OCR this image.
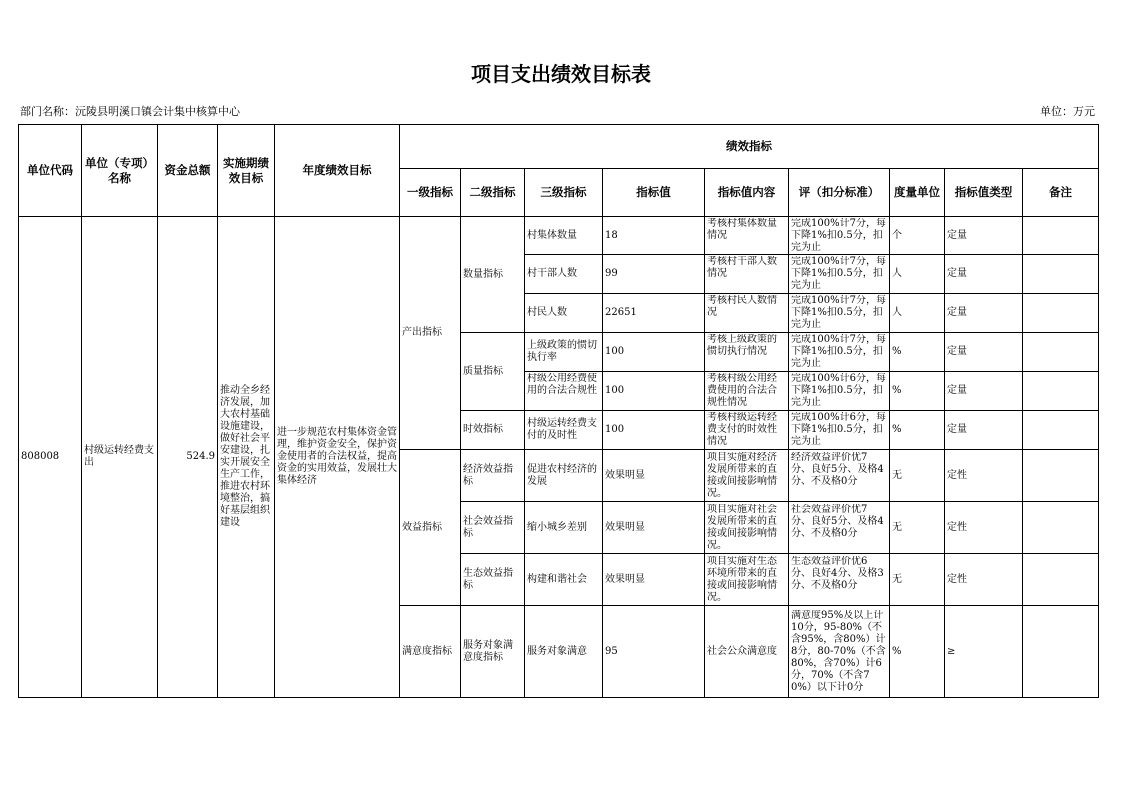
项目支出绩效目标表
部门名称：沅陵县明溪口镇会计集中核算中心	单位：万元
单位代码	单位（专项）名称	资金总额	实施期绩效目标	年度绩效目标	绩效指标								
					一级指标	二级指标	三级指标	指标值	指标值内容	评（扣分标准）	度量单位	指标值类型	备注
808008	村级运转经费支出	524.9	推动全乡经济发展，加大农村基础设施建设，做好社会平安建设，扎实开展安全生产工作，推进农村环境整治，搞好基层组织建设	进一步规范农村集体资金管理，维护资金安全，保护资金使用者的合法权益，提高资金的实用效益，发展壮大集体经济	产出指标	数量指标	村集体数量	18	考核村集体数量情况	完成100%计7分，每下降1%扣0.5分，扣完为止	个	定量	
							村干部人数	99	考核村干部人数情况	完成100%计7分，每下降1%扣0.5分，扣完为止	人	定量	
							村民人数	22651	考核村民人数情况	完成100%计7分，每下降1%扣0.5分，扣完为止	人	定量	
						质量指标	上级政策的惯切执行率	100	考核上级政策的惯切执行情况	完成100%计7分，每下降1%扣0.5分，扣完为止	%	定量	

							村级公用经费使用的合法合规性	100	考核村级公用经费使用的合法合规性情况	完成100%计6分，每下降1%扣0.5分，扣完为止	%	定量	
						时效指标	村级运转经费支付的及时性	100	考核村级运转经费支付的时效性情况	完成100%计6分，每下降1%扣0.5分，扣完为止	%	定量	
					效益指标	经济效益指标	促进农村经济的发展	效果明显	项目实施对经济发展所带来的直接或间接影响情况。	经济效益评价优7分、良好5分、及格4分、不及格0分	无	定性	
						社会效益指标	缩小城乡差别	效果明显	项目实施对社会发展所带来的直接或间接影响情况。	社会效益评价优7分、良好5分、及格4分、不及格0分	无	定性	
						生态效益指标	构建和谐社会	效果明显	项目实施对生态环境所带来的直接或间接影响情况。	生态效益评价优6分、良好4分、及格3分、不及格0分	无	定性	
					满意度指标	服务对象满意度指标	服务对象满意	95	社会公众满意度	满意度95%及以上计10分，95-80%（不含95%，含80%）计8分，80-70%（不含80%，含70%）计6分，70%（不含70%）以下计0分	%	≥	
